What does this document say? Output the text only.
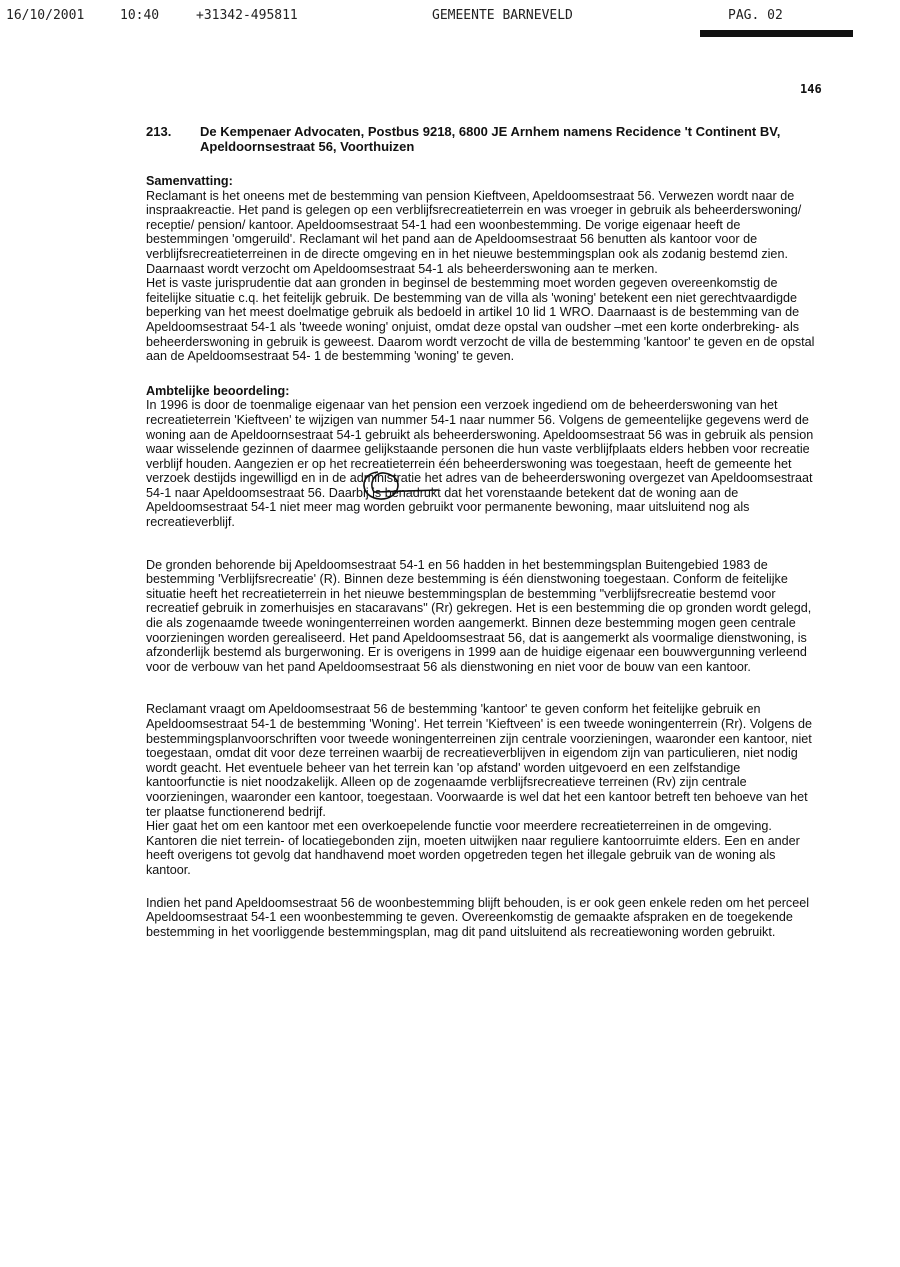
16/10/2001	10:40	+31342-495811	GEMEENTE BARNEVELD	PAG. 02
146
213.	De Kempenaer Advocaten, Postbus 9218, 6800 JE Arnhem namens Recidence 't Continent BV, Apeldoornsestraat 56, Voorthuizen
Samenvatting:

Reclamant is het oneens met de bestemming van pension Kieftveen, Apeldoomsestraat 56. Verwezen wordt naar de inspraakreactie. Het pand is gelegen op een verblijfsrecreatieterrein en was vroeger in gebruik als beheerderswoning/ receptie/ pension/ kantoor. Apeldoomsestraat 54-1 had een woonbestemming. De vorige eigenaar heeft de bestemmingen 'omgeruild'. Reclamant wil het pand aan de Apeldoomsestraat 56 benutten als kantoor voor de verblijfsrecreatieterreinen in de directe omgeving en in het nieuwe bestemmingsplan ook als zodanig bestemd zien. Daarnaast wordt verzocht om Apeldoomsestraat 54-1 als beheerderswoning aan te merken.

Het is vaste jurisprudentie dat aan gronden in beginsel de bestemming moet worden gegeven overeenkomstig de feitelijke situatie c.q. het feitelijk gebruik. De bestemming van de villa als 'woning' betekent een niet gerechtvaardigde beperking van het meest doelmatige gebruik als bedoeld in artikel 10 lid 1 WRO. Daarnaast is de bestemming van de Apeldoomsestraat 54-1 als 'tweede woning' onjuist, omdat deze opstal van oudsher –met een korte onderbreking- als beheerderswoning in gebruik is geweest. Daarom wordt verzocht de villa de bestemming 'kantoor' te geven en de opstal aan de Apeldoomsestraat 54- 1 de bestemming 'woning' te geven.

Ambtelijke beoordeling:

In 1996 is door de toenmalige eigenaar van het pension een verzoek ingediend om de beheerderswoning van het recreatieterrein 'Kieftveen' te wijzigen van nummer 54-1 naar nummer 56. Volgens de gemeentelijke gegevens werd de woning aan de Apeldoornsestraat 54-1 gebruikt als beheerderswoning. Apeldoomsestraat 56 was in gebruik als pension waar wisselende gezinnen of daarmee gelijkstaande personen die hun vaste verblijfplaats elders hebben voor recreatie verblijf houden. Aangezien er op het recreatieterrein één beheerderswoning was toegestaan, heeft de gemeente het verzoek destijds ingewilligd en in de administratie het adres van de beheerderswoning overgezet van Apeldoomsestraat 54-1 naar Apeldoomsestraat 56. Daarbij is benadrukt dat het vorenstaande betekent dat de woning aan de Apeldoomsestraat 54-1 niet meer mag worden gebruikt voor permanente bewoning, maar uitsluitend nog als recreatieverblijf.

De gronden behorende bij Apeldoomsestraat 54-1 en 56 hadden in het bestemmingsplan Buitengebied 1983 de bestemming 'Verblijfsrecreatie' (R). Binnen deze bestemming is één dienstwoning toegestaan. Conform de feitelijke situatie heeft het recreatieterrein in het nieuwe bestemmingsplan de bestemming "verblijfsrecreatie bestemd voor recreatief gebruik in zomerhuisjes en stacaravans" (Rr) gekregen. Het is een bestemming die op gronden wordt gelegd, die als zogenaamde tweede woningenterreinen worden aangemerkt. Binnen deze bestemming mogen geen centrale voorzieningen worden gerealiseerd. Het pand Apeldoomsestraat 56, dat is aangemerkt als voormalige dienstwoning, is afzonderlijk bestemd als burgerwoning. Er is overigens in 1999 aan de huidige eigenaar een bouwvergunning verleend voor de verbouw van het pand Apeldoomsestraat 56 als dienstwoning en niet voor de bouw van een kantoor.

Reclamant vraagt om Apeldoomsestraat 56 de bestemming 'kantoor' te geven conform het feitelijke gebruik en Apeldoomsestraat 54-1 de bestemming 'Woning'. Het terrein 'Kieftveen' is een tweede woningenterrein (Rr). Volgens de bestemmingsplanvoorschriften voor tweede woningenterreinen zijn centrale voorzieningen, waaronder een kantoor, niet toegestaan, omdat dit voor deze terreinen waarbij de recreatieverblijven in eigendom zijn van particulieren, niet nodig wordt geacht. Het eventuele beheer van het terrein kan 'op afstand' worden uitgevoerd en een zelfstandige kantoorfunctie is niet noodzakelijk. Alleen op de zogenaamde verblijfsrecreatieve terreinen (Rv) zijn centrale voorzieningen, waaronder een kantoor, toegestaan. Voorwaarde is wel dat het een kantoor betreft ten behoeve van het ter plaatse functionerend bedrijf.

Hier gaat het om een kantoor met een overkoepelende functie voor meerdere recreatieterreinen in de omgeving. Kantoren die niet terrein- of locatiegebonden zijn, moeten uitwijken naar reguliere kantoorruimte elders. Een en ander heeft overigens tot gevolg dat handhavend moet worden opgetreden tegen het illegale gebruik van de woning als kantoor.

Indien het pand Apeldoomsestraat 56 de woonbestemming blijft behouden, is er ook geen enkele reden om het perceel Apeldoomsestraat 54-1 een woonbestemming te geven. Overeenkomstig de gemaakte afspraken en de toegekende bestemming in het voorliggende bestemmingsplan, mag dit pand uitsluitend als recreatiewoning worden gebruikt.
